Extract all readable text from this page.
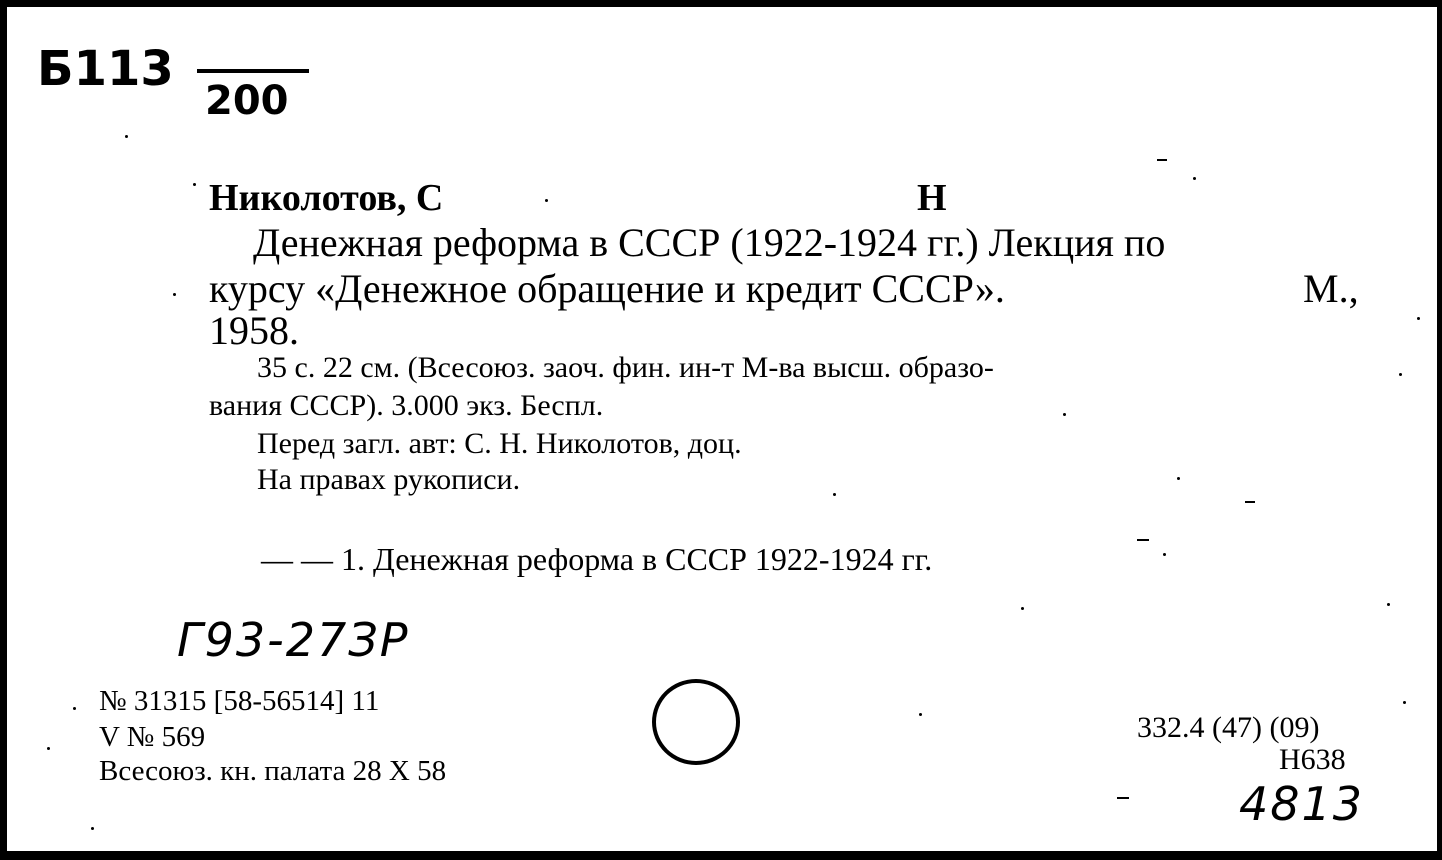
Б113
200
Николотов, С	Н
Денежная реформа в СССР (1922-1924 гг.) Лекция по
курсу «Денежное обращение и кредит СССР».	М.,
1958.
35 с. 22 см. (Всесоюз. заоч. фин. ин-т М-ва высш. образо-
вания СССР). 3.000 экз. Беспл.
Перед загл. авт: С. Н. Николотов, доц.
На правах рукописи.
— — 1. Денежная реформа в СССР 1922-1924 гг.
Г93-27ЗР
№ 31315 [58-56514] 11
V № 569
Всесоюз. кн. палата 28 X 58
332.4 (47) (09)
Н638
4813
